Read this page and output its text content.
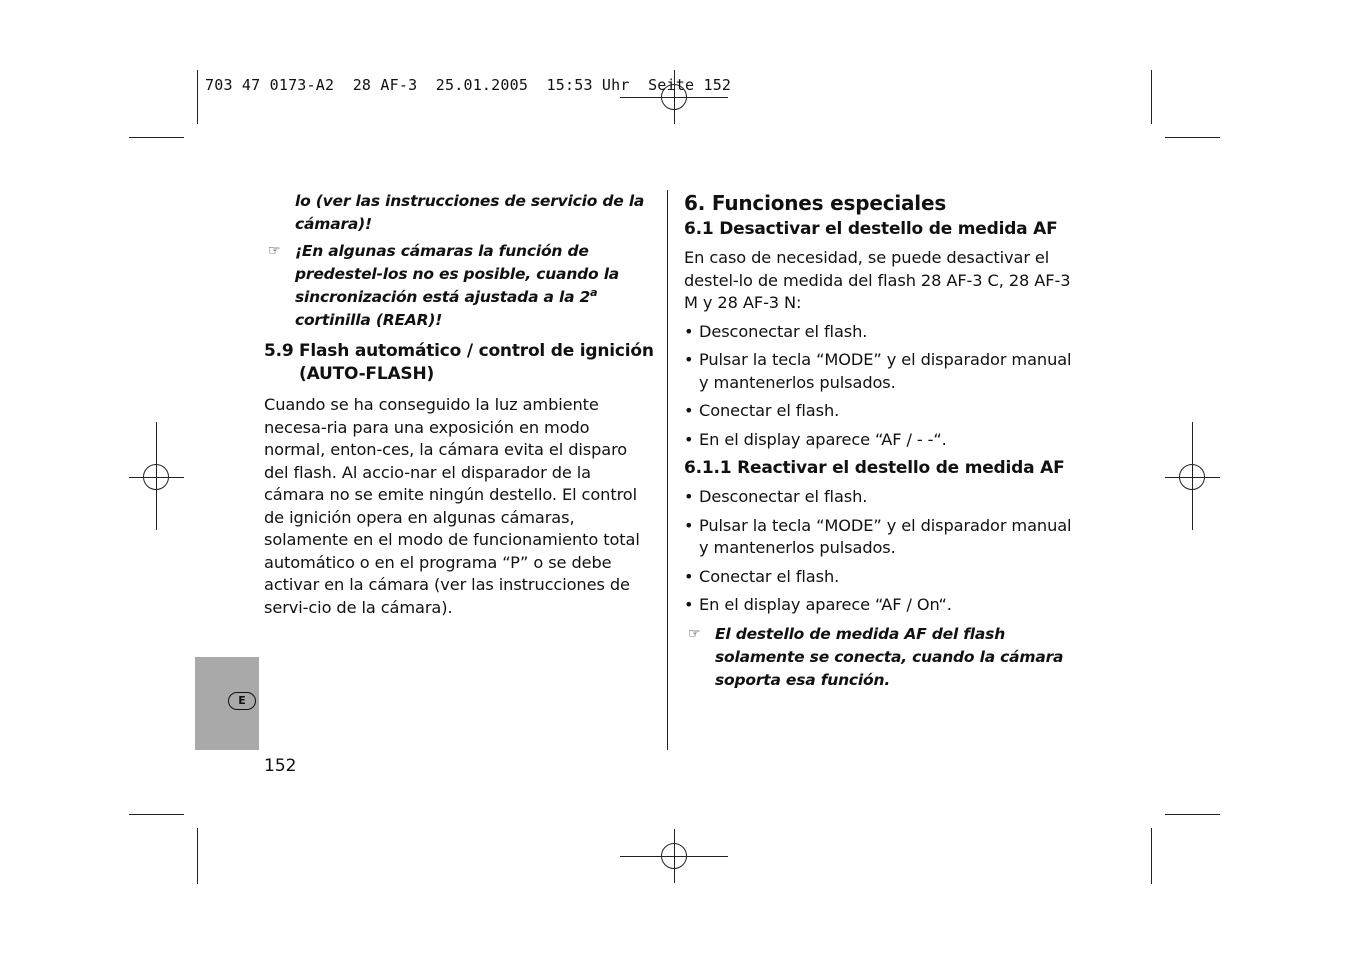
703 47 0173-A2  28 AF-3  25.01.2005  15:53 Uhr  Seite 152
lo (ver las instrucciones de servicio de la cámara)!
☞ ¡En algunas cámaras la función de predestel-los no es posible, cuando la sincronización está ajustada a la 2$^a$ cortinilla (REAR)!
5.9 Flash automático / control de ignición (AUTO-FLASH)
Cuando se ha conseguido la luz ambiente necesa-ria para una exposición en modo normal, enton-ces, la cámara evita el disparo del flash. Al accio-nar el disparador de la cámara no se emite ningún destello. El control de ignición opera en algunas cámaras, solamente en el modo de funcionamiento total automático o en el programa “P” o se debe activar en la cámara (ver las instrucciones de servi-cio de la cámara).
6. Funciones especiales
6.1 Desactivar el destello de medida AF
En caso de necesidad, se puede desactivar el destel-lo de medida del flash 28 AF-3 C, 28 AF-3 M y 28 AF-3 N:
• Desconectar el flash.
• Pulsar la tecla “MODE” y el disparador manual y mantenerlos pulsados.
• Conectar el flash.
• En el display aparece “AF / - -“.
6.1.1 Reactivar el destello de medida AF
• Desconectar el flash.
• Pulsar la tecla “MODE” y el disparador manual y mantenerlos pulsados.
• Conectar el flash.
• En el display aparece “AF / On“.
☞ El destello de medida AF del flash solamente se conecta, cuando la cámara soporta esa función.
E
152
